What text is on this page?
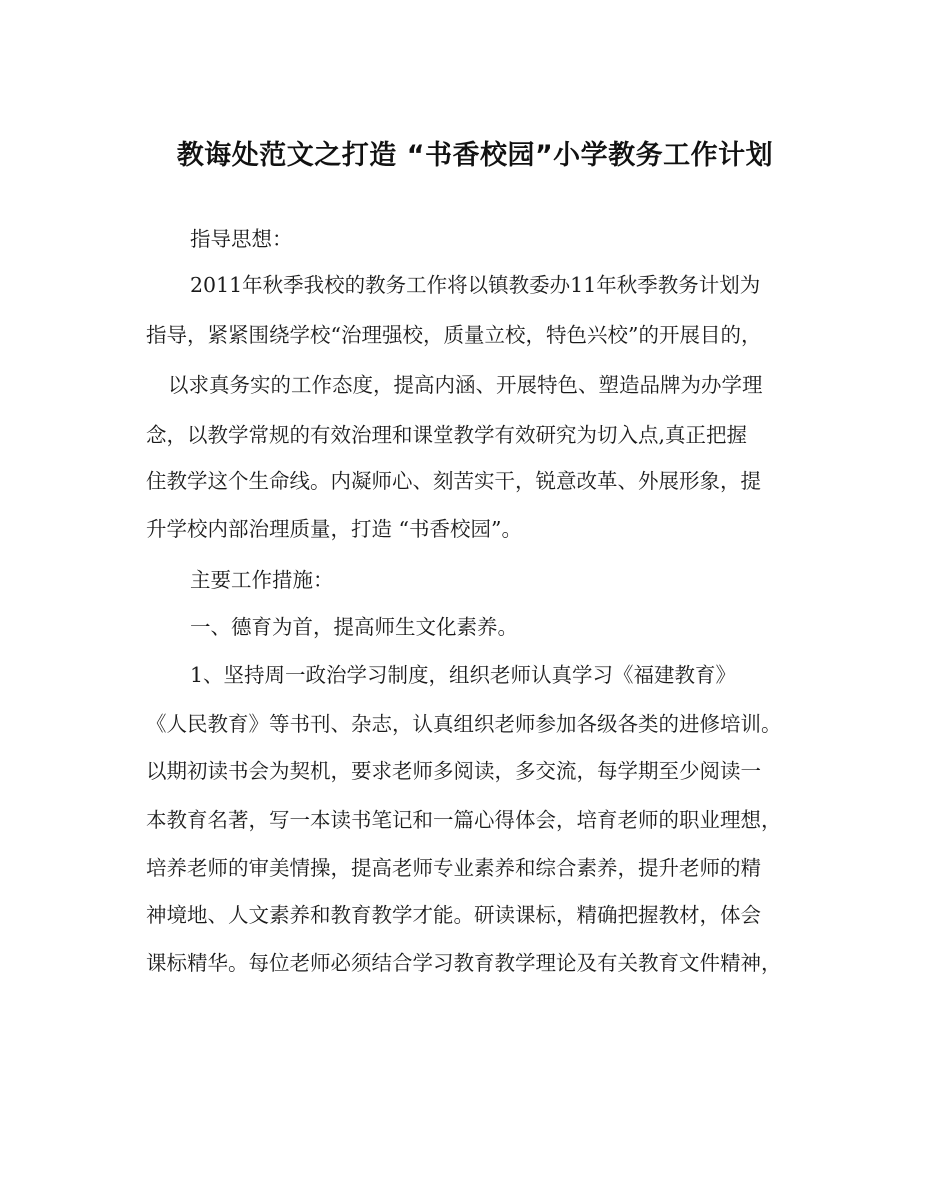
教诲处范文之打造 “书香校园”小学教务工作计划
指导思想：
2011年秋季我校的教务工作将以镇教委办11年秋季教务计划为
指导，紧紧围绕学校“治理强校，质量立校，特色兴校”的开展目的，
以求真务实的工作态度，提高内涵、开展特色、塑造品牌为办学理
念，以教学常规的有效治理和课堂教学有效研究为切入点,真正把握
住教学这个生命线。内凝师心、刻苦实干，锐意改革、外展形象，提
升学校内部治理质量，打造 “书香校园”。
主要工作措施：
一、德育为首，提高师生文化素养。
1、坚持周一政治学习制度，组织老师认真学习《福建教育》
《人民教育》等书刊、杂志，认真组织老师参加各级各类的进修培训。
以期初读书会为契机，要求老师多阅读，多交流，每学期至少阅读一
本教育名著，写一本读书笔记和一篇心得体会，培育老师的职业理想，
培养老师的审美情操，提高老师专业素养和综合素养，提升老师的精
神境地、人文素养和教育教学才能。研读课标，精确把握教材，体会
课标精华。每位老师必须结合学习教育教学理论及有关教育文件精神，
